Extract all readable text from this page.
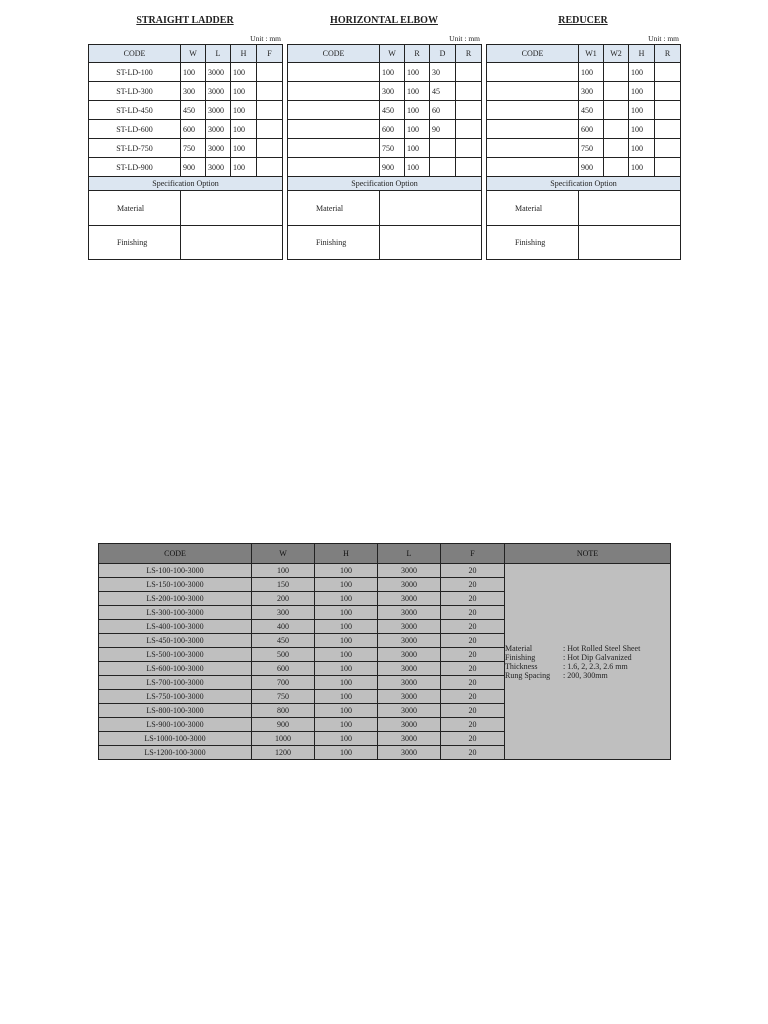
STRAIGHT LADDER
Unit : mm
CODE	W	L	H	F
ST-LD-100	100	3000	100	
ST-LD-300	300	3000	100	
ST-LD-450	450	3000	100	
ST-LD-600	600	3000	100	
ST-LD-750	750	3000	100	
ST-LD-900	900	3000	100	
Specification Option				
Material				
Finishing				
HORIZONTAL ELBOW
Unit : mm
CODE	W	R	D	R
	100	100	30	
	300	100	45	
	450	100	60	
	600	100	90	
	750	100		
	900	100		
Specification Option				
Material				
Finishing				
REDUCER
Unit : mm
CODE	W1	W2	H	R
	100		100	
	300		100	
	450		100	
	600		100	
	750		100	
	900		100	
Specification Option				
Material				
Finishing				
CODE	W	H	L	F	NOTE
LS-100-100-3000	100	100	3000	20	Material : Hot Rolled Steel Sheet
Finishing : Hot Dip Galvanized
Thickness : 1.6, 2, 2.3, 2.6 mm
Rung Spacing : 200, 300mm

LS-150-100-3000	150	100	3000	20	
LS-200-100-3000	200	100	3000	20	
LS-300-100-3000	300	100	3000	20	
LS-400-100-3000	400	100	3000	20	
LS-450-100-3000	450	100	3000	20	
LS-500-100-3000	500	100	3000	20	
LS-600-100-3000	600	100	3000	20	
LS-700-100-3000	700	100	3000	20	
LS-750-100-3000	750	100	3000	20	
LS-800-100-3000	800	100	3000	20	
LS-900-100-3000	900	100	3000	20	
LS-1000-100-3000	1000	100	3000	20	
LS-1200-100-3000	1200	100	3000	20	
